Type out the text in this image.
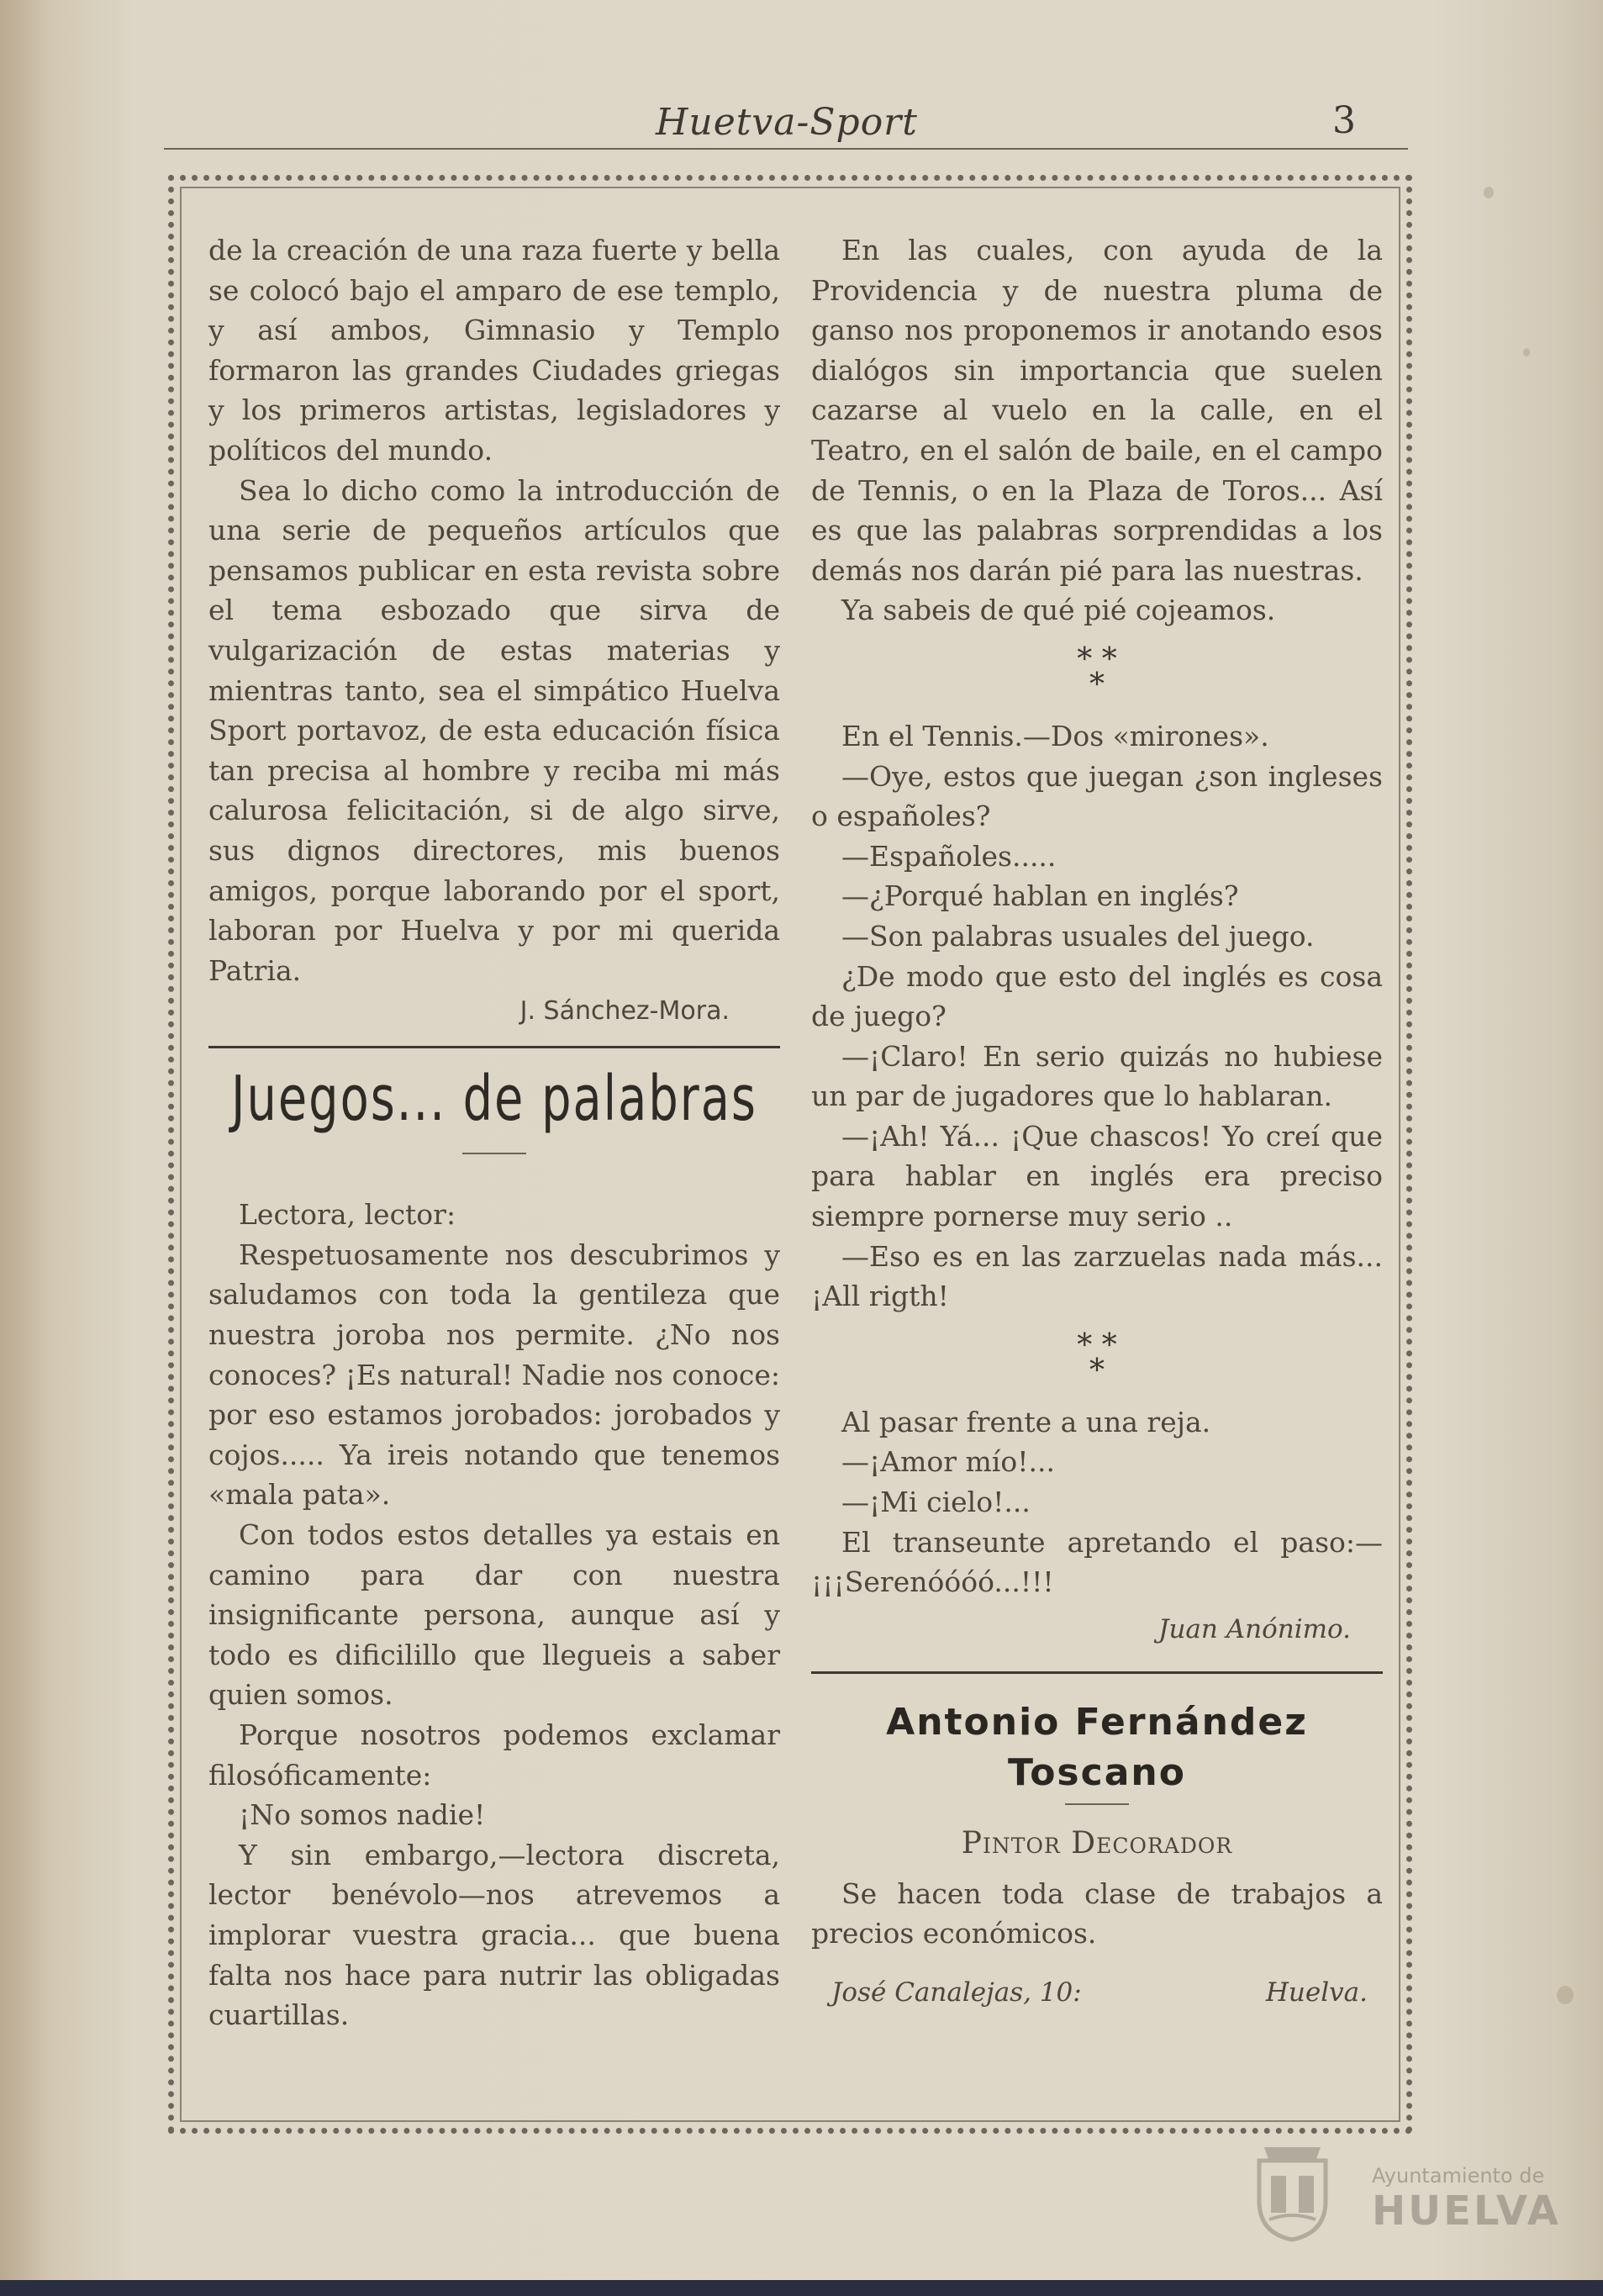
Huetva-Sport	3

de la creación de una raza fuerte y bella se colocó bajo el amparo de ese templo, y así ambos, Gimnasio y Templo formaron las grandes Ciudades griegas y los primeros artistas, legisladores y políticos del mundo.

Sea lo dicho como la introducción de una serie de pequeños artículos que pensamos publicar en esta revista sobre el tema esbozado que sirva de vulgarización de estas materias y mientras tanto, sea el simpático Huelva Sport portavoz, de esta educación física tan precisa al hombre y reciba mi más calurosa felicitación, si de algo sirve, sus dignos directores, mis buenos amigos, porque laborando por el sport, laboran por Huelva y por mi querida Patria.

J. Sánchez-Mora.
Juegos... de palabras

Lectora, lector:

Respetuosamente nos descubrimos y saludamos con toda la gentileza que nuestra joroba nos permite. ¿No nos conoces? ¡Es natural! Nadie nos conoce: por eso estamos jorobados: jorobados y cojos..... Ya ireis notando que tenemos «mala pata».

Con todos estos detalles ya estais en camino para dar con nuestra insignificante persona, aunque así y todo es dificilillo que llegueis a saber quien somos.

Porque nosotros podemos exclamar filosóficamente:

¡No somos nadie!

Y sin embargo,—lectora discreta, lector benévolo—nos atrevemos a implorar vuestra gracia... que buena falta nos hace para nutrir las obligadas cuartillas.

En las cuales, con ayuda de la Providencia y de nuestra pluma de ganso nos proponemos ir anotando esos dialógos sin importancia que suelen cazarse al vuelo en la calle, en el Teatro, en el salón de baile, en el campo de Tennis, o en la Plaza de Toros... Así es que las palabras sorprendidas a los demás nos darán pié para las nuestras.

Ya sabeis de qué pié cojeamos.

* *
*

En el Tennis.—Dos «mirones».

—Oye, estos que juegan ¿son ingleses o españoles?

—Españoles.....

—¿Porqué hablan en inglés?

—Son palabras usuales del juego.

¿De modo que esto del inglés es cosa de juego?

—¡Claro! En serio quizás no hubiese un par de jugadores que lo hablaran.

—¡Ah! Yá... ¡Que chascos! Yo creí que para hablar en inglés era preciso siempre pornerse muy serio ..

—Eso es en las zarzuelas nada más... ¡All rigth!

* *
*

Al pasar frente a una reja.

—¡Amor mío!...

—¡Mi cielo!...

El transeunte apretando el paso:—¡¡¡Serenóóóó...!!!

Juan Anónimo.
Antonio Fernández Toscano
Pintor Decorador

Se hacen toda clase de trabajos a precios económicos.

José Canalejas, 10:	Huelva.
Ayuntamiento de
HUELVA
